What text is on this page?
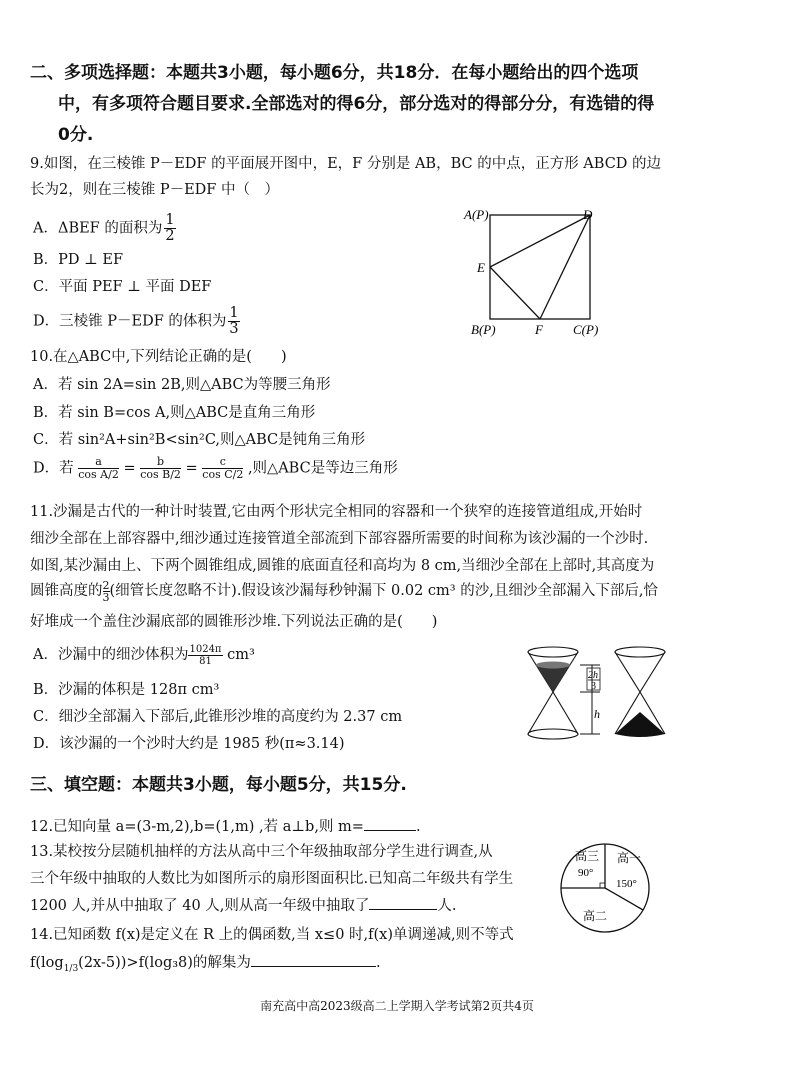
二、多项选择题：本题共3小题，每小题6分，共18分．在每小题给出的四个选项
中，有多项符合题目要求.全部选对的得6分，部分选对的得部分分，有选错的得
0分.
9.如图，在三棱锥 P－EDF 的平面展开图中，E，F 分别是 AB，BC 的中点，正方形 ABCD 的边
长为2，则在三棱锥 P－EDF 中（　）
A．ΔBEF 的面积为 $\frac{1}{2}$
B．PD ⊥ EF
C．平面 PEF ⊥ 平面 DEF
D．三棱锥 P－EDF 的体积为 $\frac{1}{3}$
A(P)	D
E
B(P)	F C(P)
10.在△ABC中,下列结论正确的是(　　)
A．若 sin 2A=sin 2B,则△ABC为等腰三角形
B．若 sin B=cos A,则△ABC是直角三角形
C．若 sin²A+sin²B<sin²C,则△ABC是钝角三角形
D．若 $\frac{a}{\text{cos A/2}} = \frac{b}{\text{cos B/2}} = \frac{c}{\text{cos C/2}}$ ,则△ABC是等边三角形
11.沙漏是古代的一种计时装置,它由两个形状完全相同的容器和一个狭窄的连接管道组成,开始时
细沙全部在上部容器中,细沙通过连接管道全部流到下部容器所需要的时间称为该沙漏的一个沙时.
如图,某沙漏由上、下两个圆锥组成,圆锥的底面直径和高均为 8 cm,当细沙全部在上部时,其高度为
圆锥高度的 $\frac{2}{3}$ (细管长度忽略不计).假设该沙漏每秒钟漏下 0.02 cm³ 的沙,且细沙全部漏入下部后,恰
好堆成一个盖住沙漏底部的圆锥形沙堆.下列说法正确的是(　　)
A．沙漏中的细沙体积为 $\frac{1024\pi}{81} cm^3$
B．沙漏的体积是 128π cm³
C．细沙全部漏入下部后,此锥形沙堆的高度约为 2.37 cm
D．该沙漏的一个沙时大约是 1985 秒(π≈3.14)
2h
3
h
三、填空题：本题共3小题，每小题5分，共15分.
12.已知向量 a=(3-m,2),b=(1,m) ,若 a⊥b,则 m=	.
13.某校按分层随机抽样的方法从高中三个年级抽取部分学生进行调查,从
三个年级中抽取的人数比为如图所示的扇形图面积比.已知高二年级共有学生
1200 人,并从中抽取了 40 人,则从高一年级中抽取了	人.
高三
90°
高一
150°
高二
14.已知函数 f(x)是定义在 R 上的偶函数,当 x≤0 时,f(x)单调递减,则不等式
$f(\log_{1/3}(2x-5))>f(\log_38)$的解集为	.
南充高中高2023级高二上学期入学考试第2页共4页
